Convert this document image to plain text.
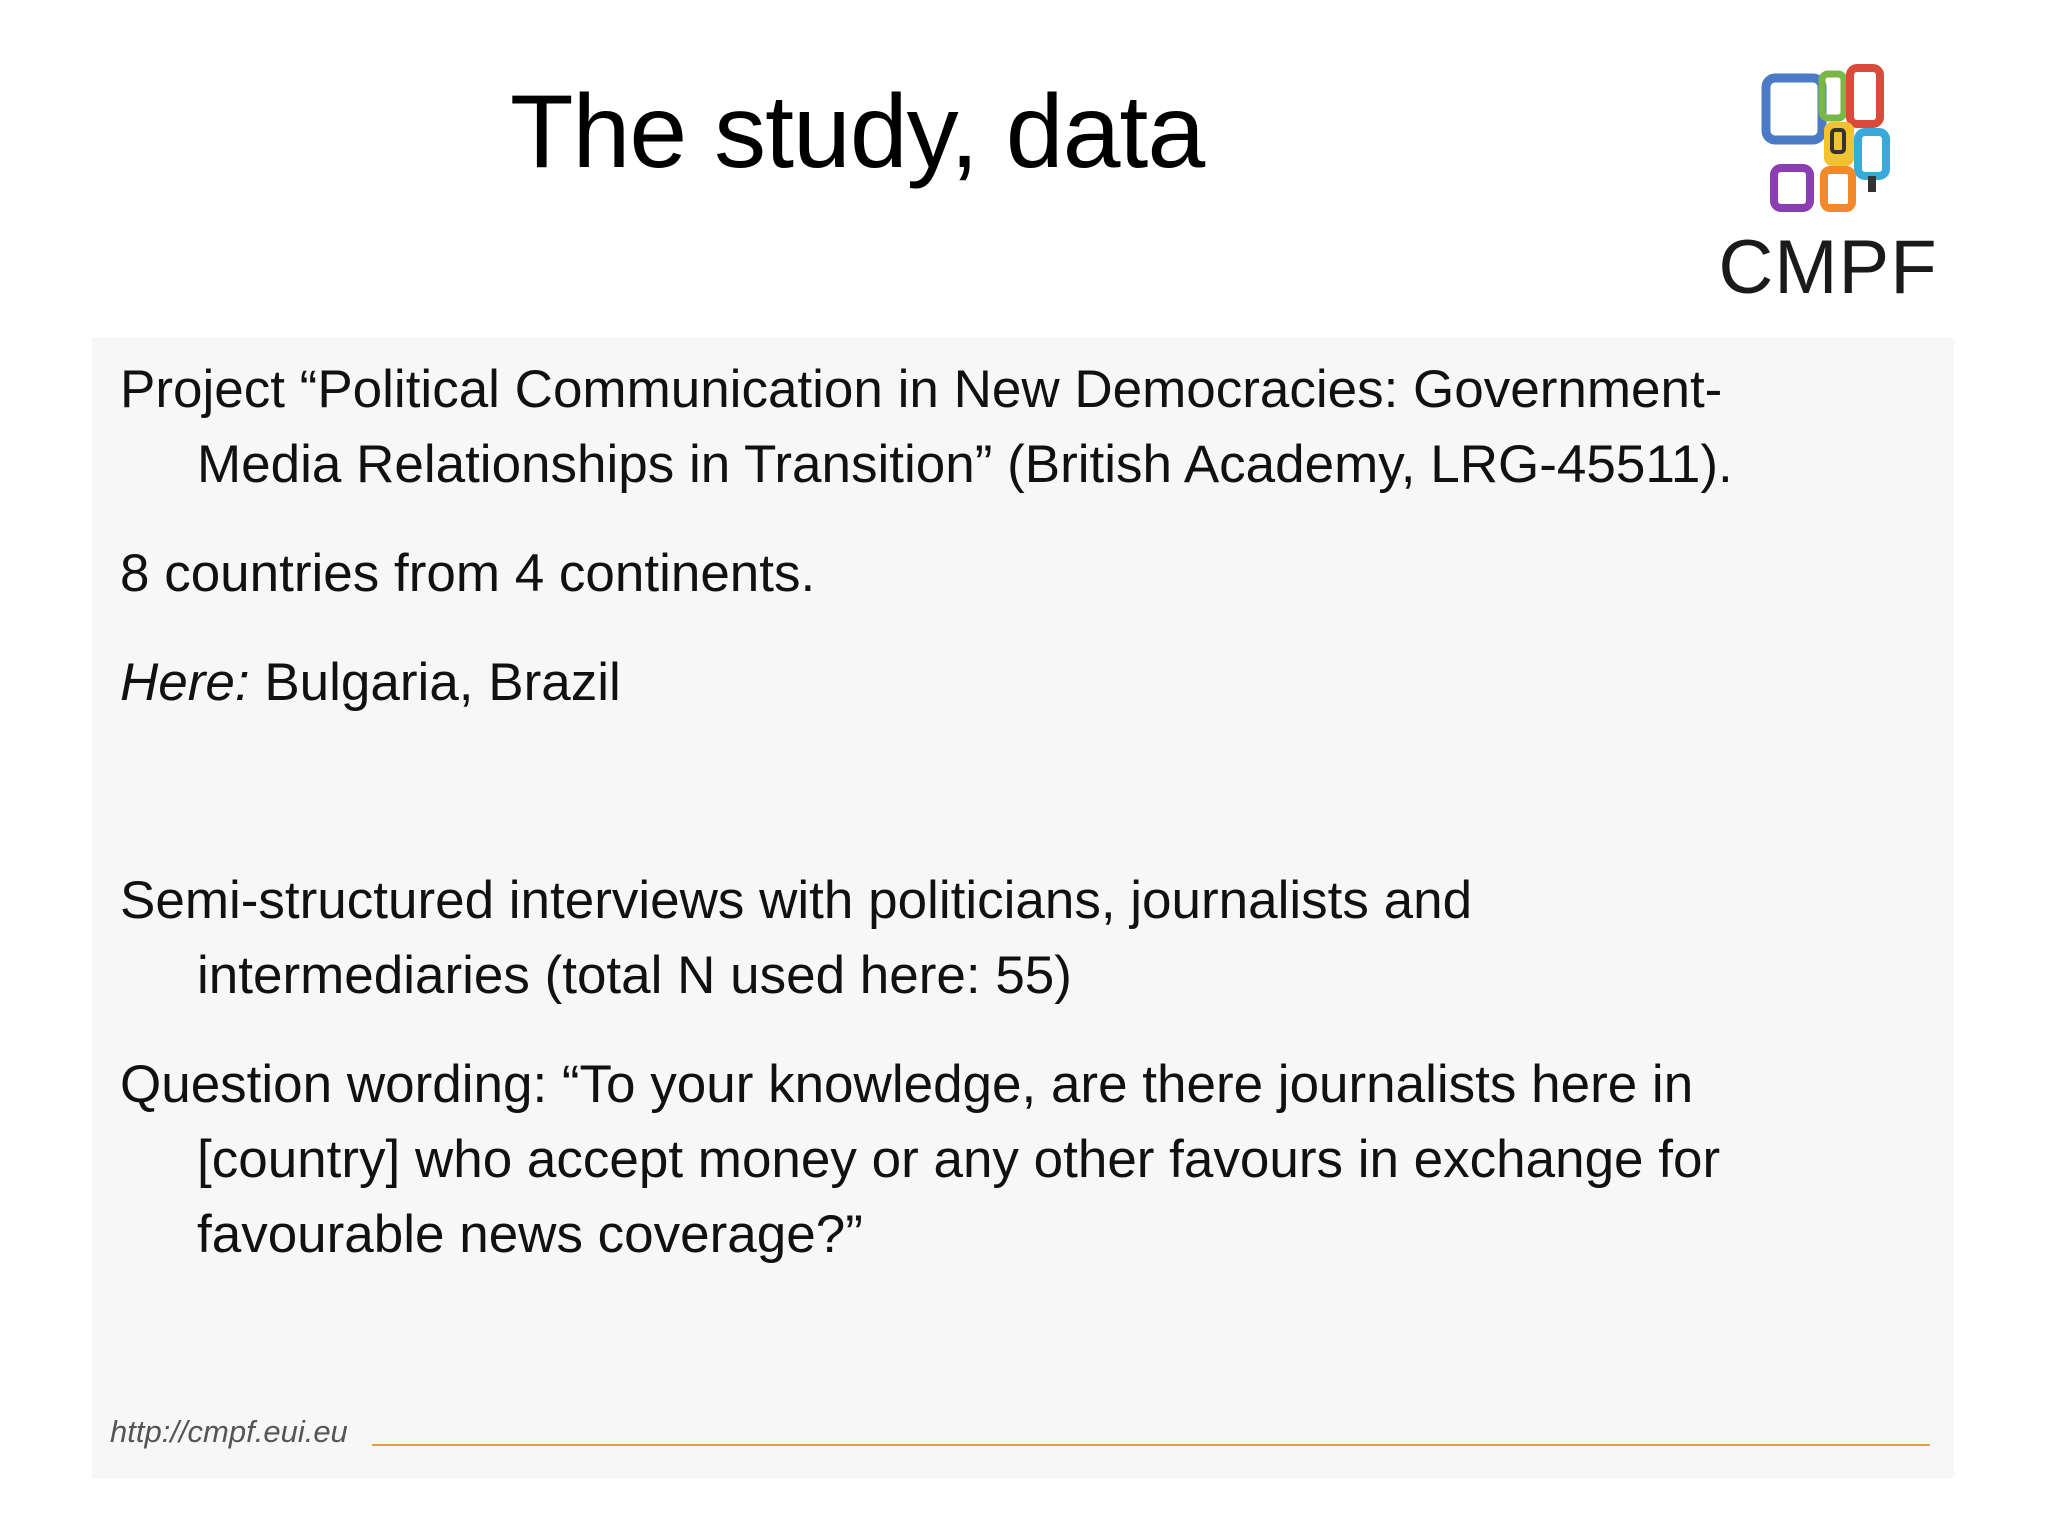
The study, data
CMPF
Project “Political Communication in New Democracies: Government-
Media Relationships in Transition” (British Academy, LRG-45511).
8 countries from 4 continents.
Here: Bulgaria, Brazil
Semi-structured interviews with politicians, journalists and
intermediaries (total N used here: 55)
Question wording: “To your knowledge, are there journalists here in
[country] who accept money or any other favours in exchange for
favourable news coverage?”
http://cmpf.eui.eu
